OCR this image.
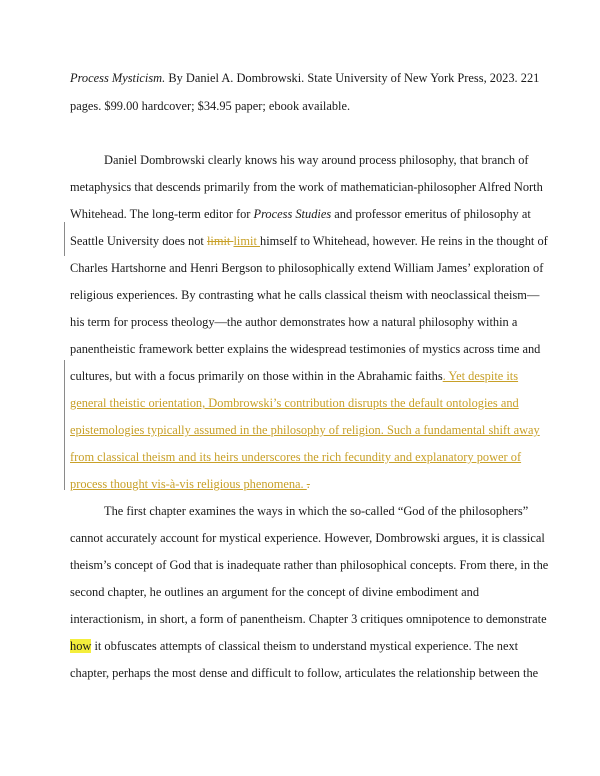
Process Mysticism. By Daniel A. Dombrowski. State University of New York Press, 2023. 221
pages. $99.00 hardcover; $34.95 paper; ebook available.
Daniel Dombrowski clearly knows his way around process philosophy, that branch of
metaphysics that descends primarily from the work of mathematician-philosopher Alfred North
Whitehead. The long-term editor for Process Studies and professor emeritus of philosophy at
Seattle University does not limit limit himself to Whitehead, however. He reins in the thought of
Charles Hartshorne and Henri Bergson to philosophically extend William James’ exploration of
religious experiences. By contrasting what he calls classical theism with neoclassical theism—
his term for process theology—the author demonstrates how a natural philosophy within a
panentheistic framework better explains the widespread testimonies of mystics across time and
cultures, but with a focus primarily on those within in the Abrahamic faiths. Yet despite its
general theistic orientation, Dombrowski’s contribution disrupts the default ontologies and
epistemologies typically assumed in the philosophy of religion. Such a fundamental shift away
from classical theism and its heirs underscores the rich fecundity and explanatory power of
process thought vis-à-vis religious phenomena. .
The first chapter examines the ways in which the so-called “God of the philosophers”
cannot accurately account for mystical experience. However, Dombrowski argues, it is classical
theism’s concept of God that is inadequate rather than philosophical concepts. From there, in the
second chapter, he outlines an argument for the concept of divine embodiment and
interactionism, in short, a form of panentheism. Chapter 3 critiques omnipotence to demonstrate
how it obfuscates attempts of classical theism to understand mystical experience. The next
chapter, perhaps the most dense and difficult to follow, articulates the relationship between the
